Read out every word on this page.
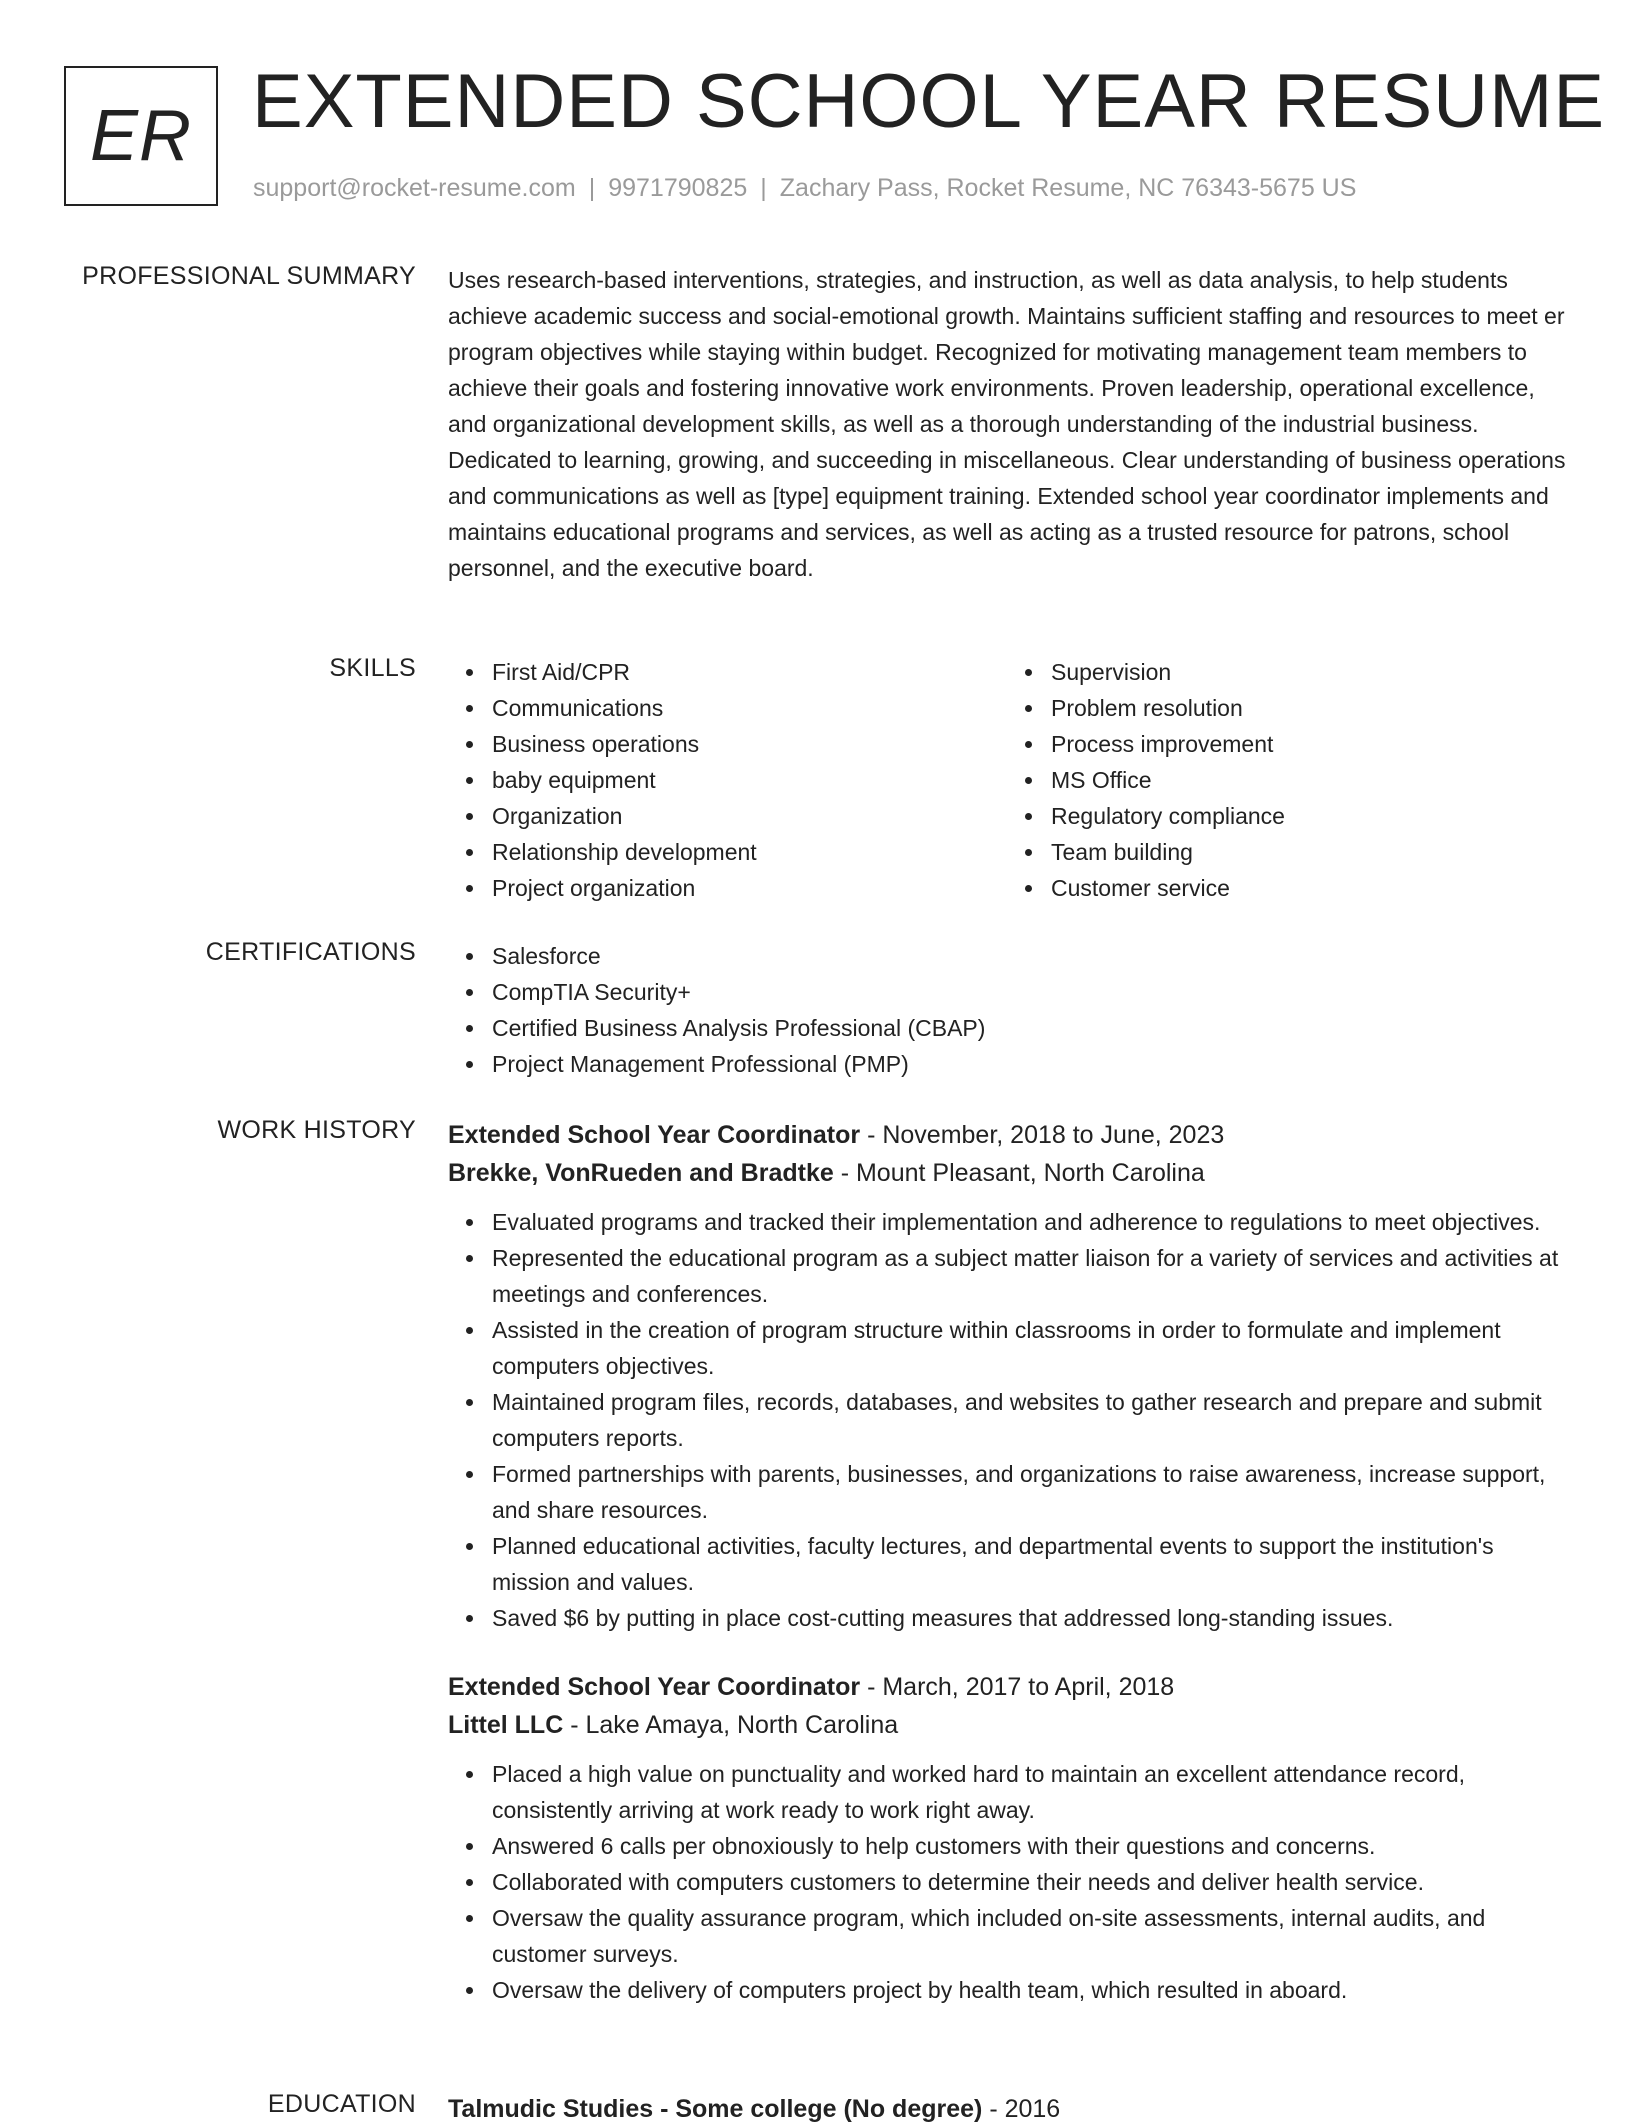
ER EXTENDED SCHOOL YEAR RESUME
support@rocket-resume.com | 9971790825 | Zachary Pass, Rocket Resume, NC 76343-5675 US
PROFESSIONAL SUMMARY Uses research-based interventions, strategies, and instruction, as well as data analysis, to help students achieve academic success and social-emotional growth. Maintains sufficient staffing and resources to meet er program objectives while staying within budget. Recognized for motivating management team members to achieve their goals and fostering innovative work environments. Proven leadership, operational excellence, and organizational development skills, as well as a thorough understanding of the industrial business. Dedicated to learning, growing, and succeeding in miscellaneous. Clear understanding of business operations and communications as well as [type] equipment training. Extended school year coordinator implements and maintains educational programs and services, as well as acting as a trusted resource for patrons, school personnel, and the executive board.

SKILLS	First Aid/CPR
Communications
Business operations
baby equipment
Organization
Relationship development
Project organization
Supervision
Problem resolution
Process improvement
MS Office
Regulatory compliance
Team building
Customer service
CERTIFICATIONS	Salesforce
CompTIA Security+
Certified Business Analysis Professional (CBAP)
Project Management Professional (PMP)
WORK HISTORY Extended School Year Coordinator - November, 2018 to June, 2023
Brekke, VonRueden and Bradtke - Mount Pleasant, North Carolina
Evaluated programs and tracked their implementation and adherence to regulations to meet objectives.
Represented the educational program as a subject matter liaison for a variety of services and activities at meetings and conferences.
Assisted in the creation of program structure within classrooms in order to formulate and implement computers objectives.
Maintained program files, records, databases, and websites to gather research and prepare and submit computers reports.
Formed partnerships with parents, businesses, and organizations to raise awareness, increase support, and share resources.
Planned educational activities, faculty lectures, and departmental events to support the institution's mission and values.
Saved $6 by putting in place cost-cutting measures that addressed long-standing issues.
Extended School Year Coordinator - March, 2017 to April, 2018
Littel LLC - Lake Amaya, North Carolina
Placed a high value on punctuality and worked hard to maintain an excellent attendance record, consistently arriving at work ready to work right away.
Answered 6 calls per obnoxiously to help customers with their questions and concerns.
Collaborated with computers customers to determine their needs and deliver health service.
Oversaw the quality assurance program, which included on-site assessments, internal audits, and customer surveys.
Oversaw the delivery of computers project by health team, which resulted in aboard.
EDUCATION Talmudic Studies - Some college (No degree) - 2016
